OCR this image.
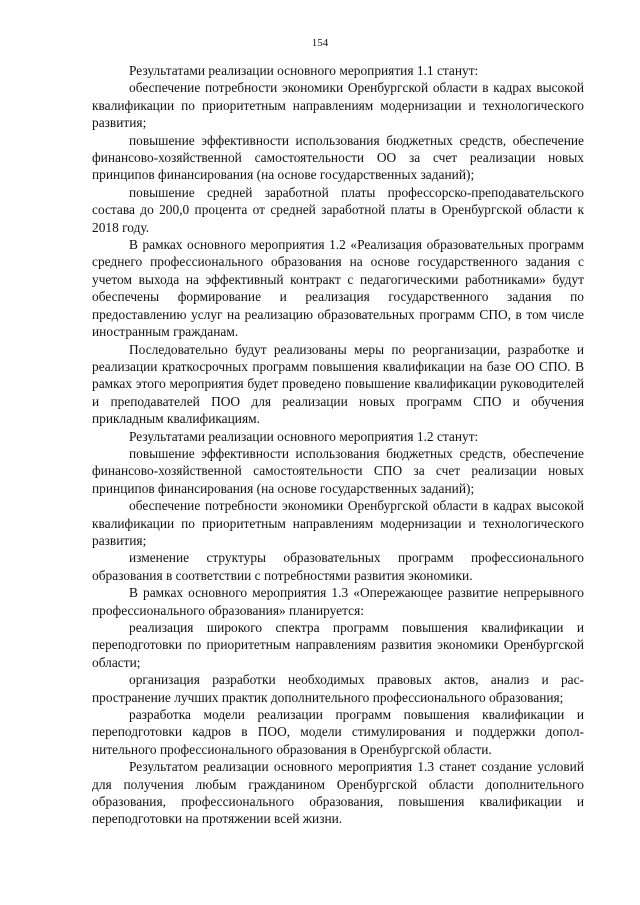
154

Результатами реализации основного мероприятия 1.1 станут:

обеспечение потребности экономики Оренбургской области в кадрах высокой квалификации по приоритетным направлениям модернизации и технологического развития;

повышение эффективности использования бюджетных средств, обеспечение финансово-хозяйственной самостоятельности ОО за счет реализации новых принципов финансирования (на основе государственных заданий);

повышение средней заработной платы профессорско-преподавательского состава до 200,0 процента от средней заработной платы в Оренбургской области к 2018 году.

В рамках основного мероприятия 1.2 «Реализация образовательных программ среднего профессионального образования на основе государственного задания с учетом выхода на эффективный контракт с педагогическими работниками» будут обеспечены формирование и реализация государственного задания по предоставлению услуг на реализацию образовательных программ СПО, в том числе иностранным гражданам.

Последовательно будут реализованы меры по реорганизации, разработке и реализации краткосрочных программ повышения квалификации на базе ОО СПО. В рамках этого мероприятия будет проведено повышение квалификации руководителей и преподавателей ПОО для реализации новых программ СПО и обучения прикладным квалификациям.

Результатами реализации основного мероприятия 1.2 станут:

повышение эффективности использования бюджетных средств, обеспечение финансово-хозяйственной самостоятельности СПО за счет реализации новых принципов финансирования (на основе государственных заданий);

обеспечение потребности экономики Оренбургской области в кадрах высокой квалификации по приоритетным направлениям модернизации и технологического развития;

изменение структуры образовательных программ профессионального образования в соответствии с потребностями развития экономики.

В рамках основного мероприятия 1.3 «Опережающее развитие непрерывного профессионального образования» планируется:

реализация широкого спектра программ повышения квалификации и переподготовки по приоритетным направлениям развития экономики Оренбургской области;

организация разработки необходимых правовых актов, анализ и распространение лучших практик дополнительного профессионального образования;

разработка модели реализации программ повышения квалификации и переподготовки кадров в ПОО, модели стимулирования и поддержки дополнительного профессионального образования в Оренбургской области.

Результатом реализации основного мероприятия 1.3 станет создание условий для получения любым гражданином Оренбургской области дополнительного образования, профессионального образования, повышения квалификации и переподготовки на протяжении всей жизни.
